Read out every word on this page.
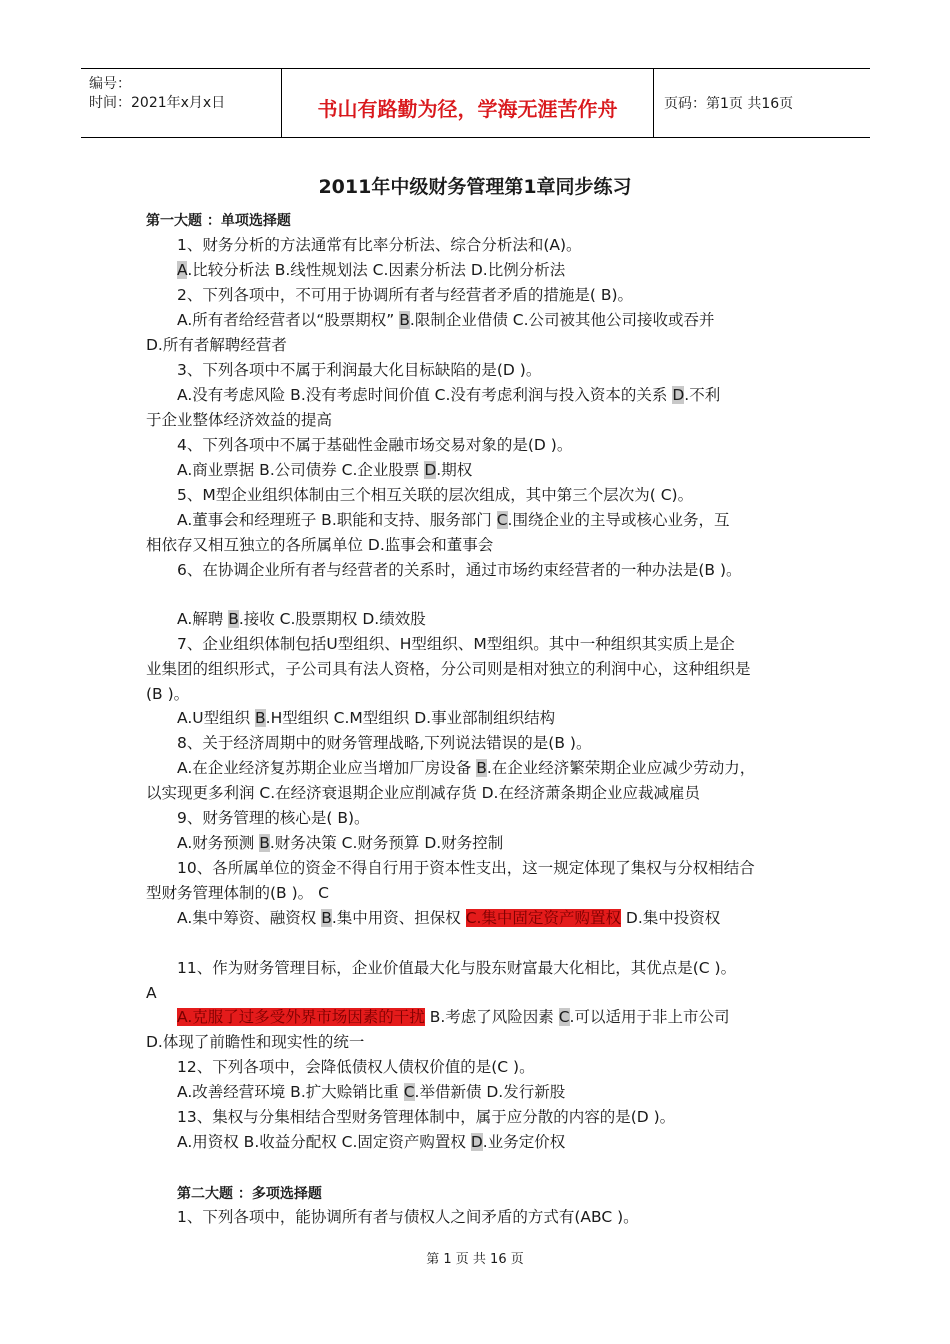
编号：
时间：2021年x月x日	书山有路勤为径，学海无涯苦作舟	页码：第1页 共16页
2011年中级财务管理第1章同步练习
第一大题 ：单项选择题
1、财务分析的方法通常有比率分析法、综合分析法和(A)。
A.比较分析法 B.线性规划法 C.因素分析法 D.比例分析法
2、下列各项中，不可用于协调所有者与经营者矛盾的措施是( B)。
A.所有者给经营者以“股票期权” B.限制企业借债 C.公司被其他公司接收或吞并
D.所有者解聘经营者
3、下列各项中不属于利润最大化目标缺陷的是(D )。
A.没有考虑风险 B.没有考虑时间价值 C.没有考虑利润与投入资本的关系 D.不利
于企业整体经济效益的提高
4、下列各项中不属于基础性金融市场交易对象的是(D )。
A.商业票据 B.公司债券 C.企业股票 D.期权
5、M型企业组织体制由三个相互关联的层次组成，其中第三个层次为( C)。
A.董事会和经理班子 B.职能和支持、服务部门 C.围绕企业的主导或核心业务，互
相依存又相互独立的各所属单位 D.监事会和董事会
6、在协调企业所有者与经营者的关系时，通过市场约束经营者的一种办法是(B )。
A.解聘 B.接收 C.股票期权 D.绩效股
7、企业组织体制包括U型组织、H型组织、M型组织。其中一种组织其实质上是企
业集团的组织形式，子公司具有法人资格，分公司则是相对独立的利润中心，这种组织是
(B )。
A.U型组织 B.H型组织 C.M型组织 D.事业部制组织结构
8、关于经济周期中的财务管理战略,下列说法错误的是(B )。
A.在企业经济复苏期企业应当增加厂房设备 B.在企业经济繁荣期企业应减少劳动力，
以实现更多利润 C.在经济衰退期企业应削减存货 D.在经济萧条期企业应裁减雇员
9、财务管理的核心是( B)。
A.财务预测 B.财务决策 C.财务预算 D.财务控制
10、各所属单位的资金不得自行用于资本性支出，这一规定体现了集权与分权相结合
型财务管理体制的(B )。 C
A.集中筹资、融资权 B.集中用资、担保权 C.集中固定资产购置权 D.集中投资权
11、作为财务管理目标，企业价值最大化与股东财富最大化相比，其优点是(C )。
A
A.克服了过多受外界市场因素的干扰 B.考虑了风险因素 C.可以适用于非上市公司
D.体现了前瞻性和现实性的统一
12、下列各项中，会降低债权人债权价值的是(C )。
A.改善经营环境 B.扩大赊销比重 C.举借新债 D.发行新股
13、集权与分集相结合型财务管理体制中，属于应分散的内容的是(D )。
A.用资权 B.收益分配权 C.固定资产购置权 D.业务定价权
第二大题 ：多项选择题
1、下列各项中，能协调所有者与债权人之间矛盾的方式有(ABC )。
第 1 页 共 16 页
